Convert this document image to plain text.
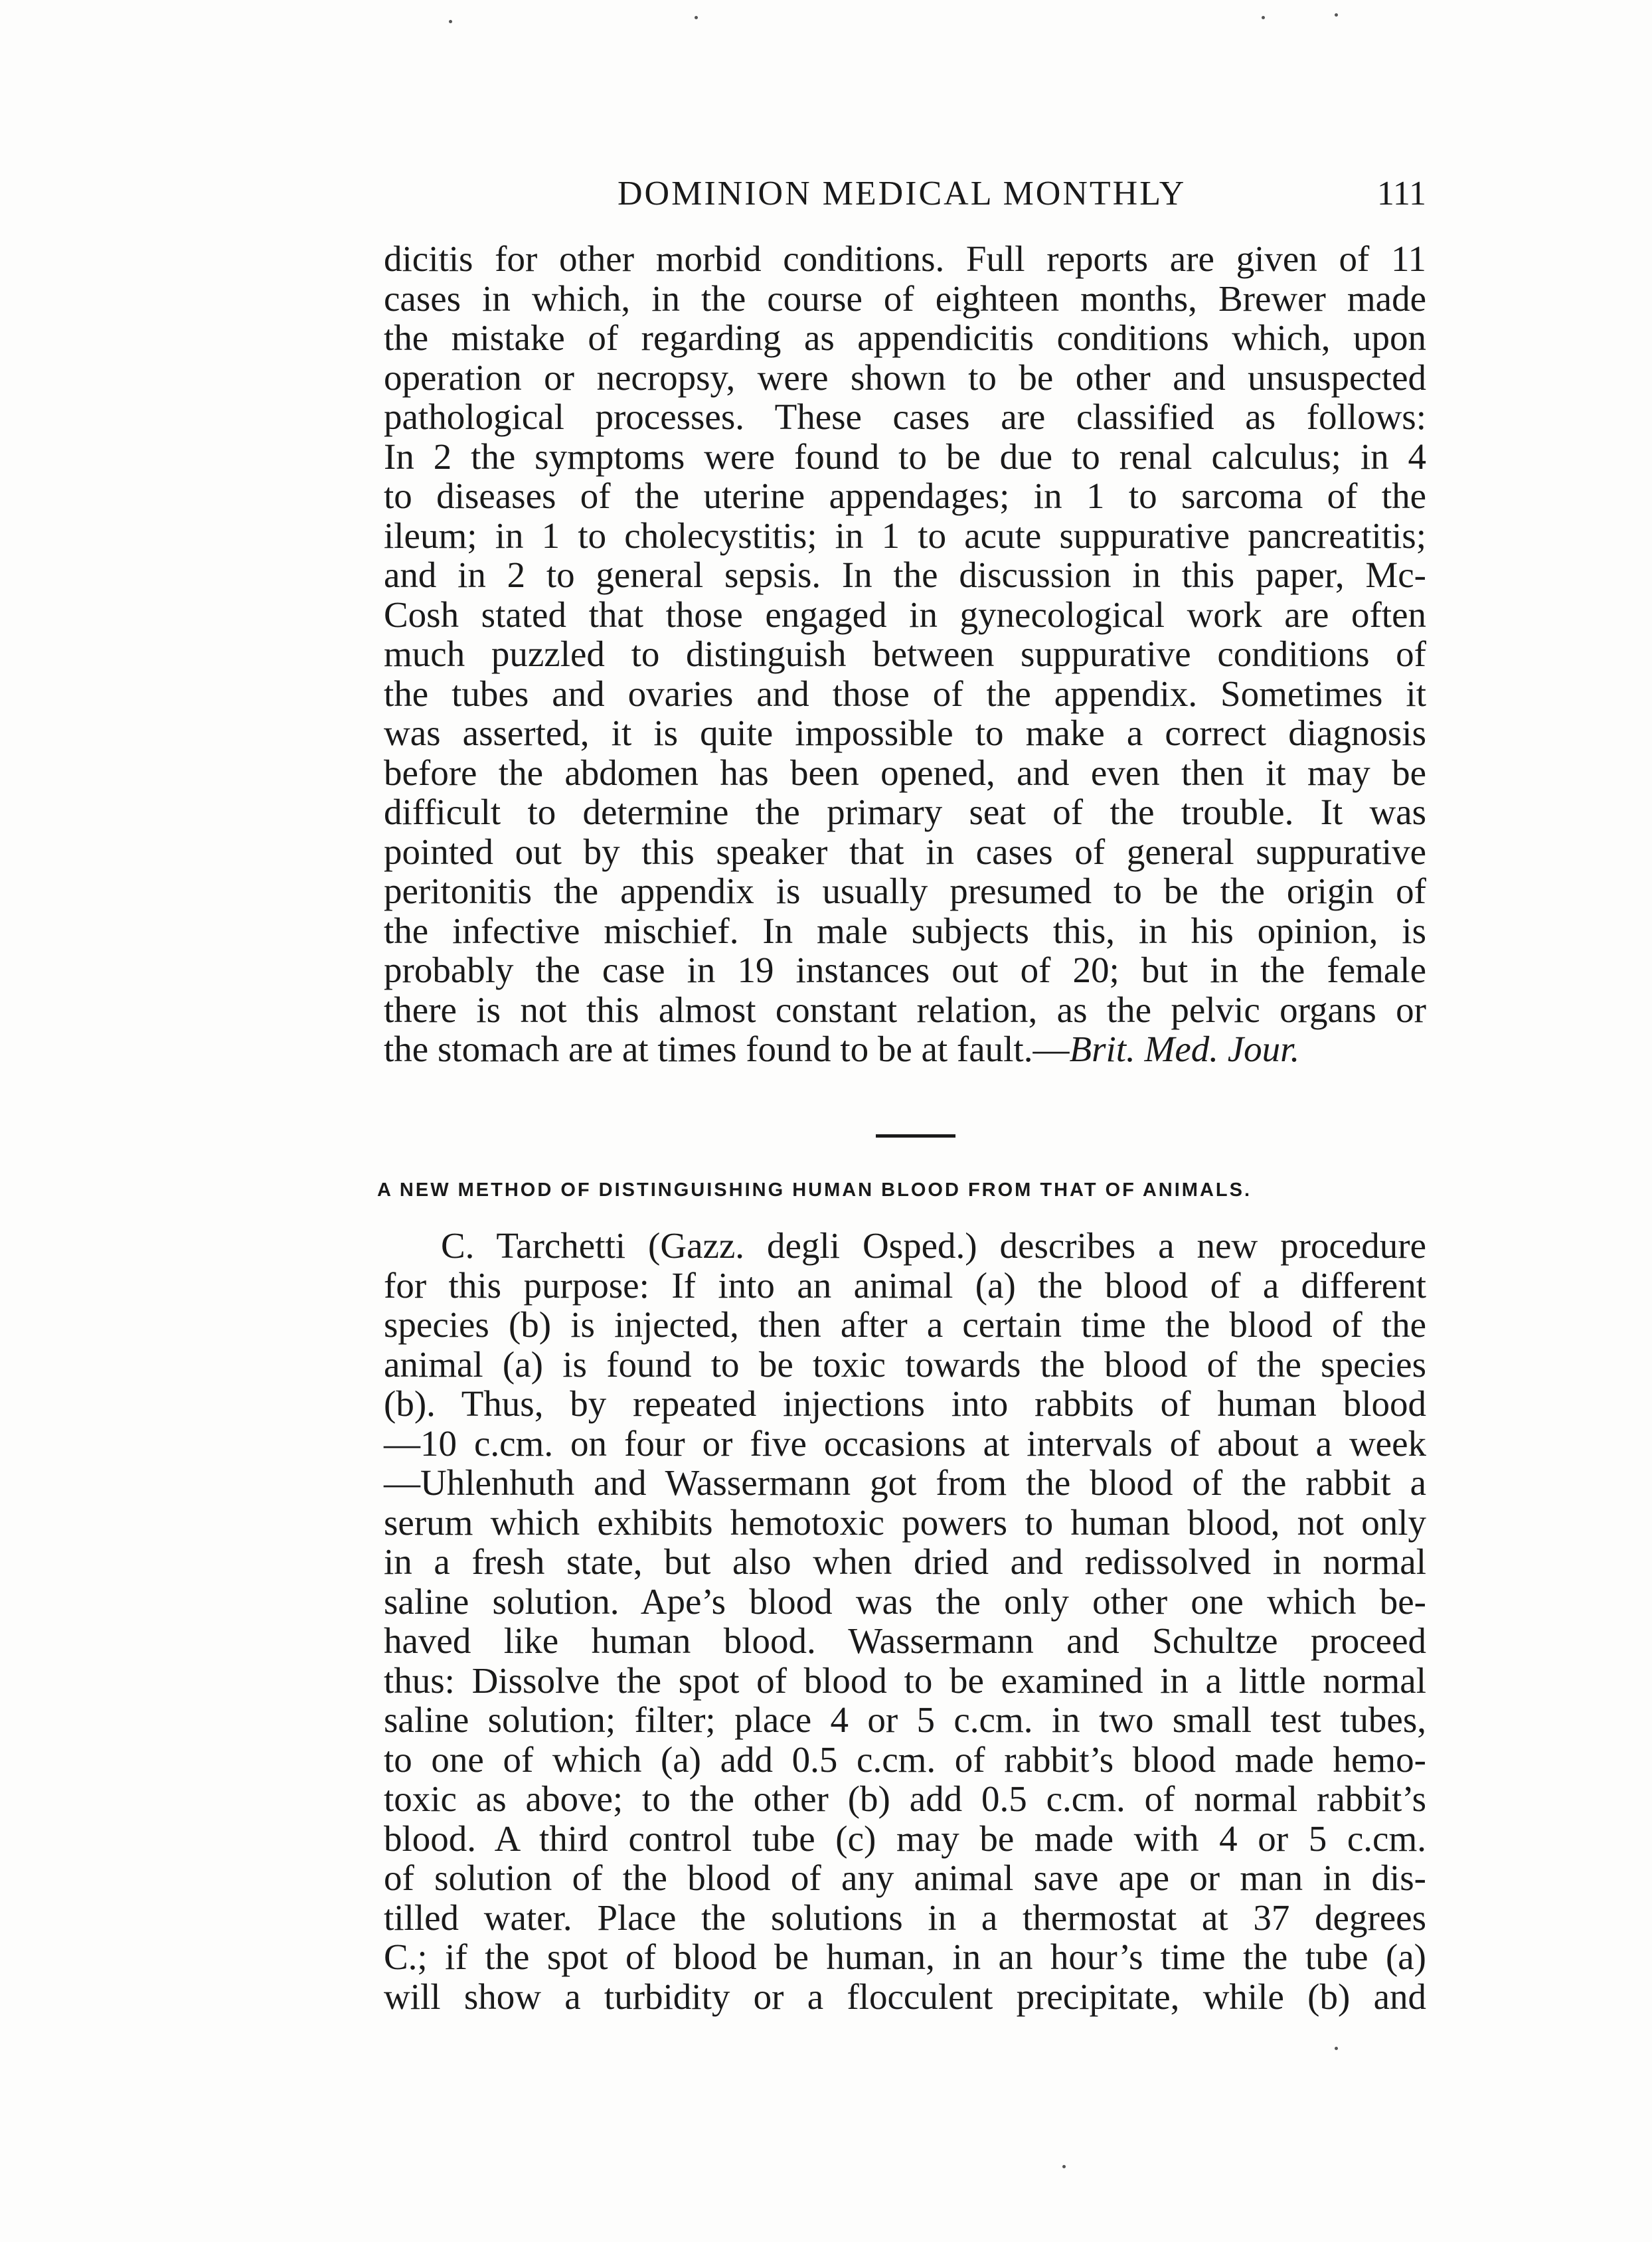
DOMINION MEDICAL MONTHLY	111
dicitis for other morbid conditions. Full reports are given of 11
cases in which, in the course of eighteen months, Brewer made
the mistake of regarding as appendicitis conditions which, upon
operation or necropsy, were shown to be other and unsuspected
pathological processes. These cases are classified as follows:
In 2 the symptoms were found to be due to renal calculus; in 4
to diseases of the uterine appendages; in 1 to sarcoma of the
ileum; in 1 to cholecystitis; in 1 to acute suppurative pancreatitis;
and in 2 to general sepsis. In the discussion in this paper, Mc-
Cosh stated that those engaged in gynecological work are often
much puzzled to distinguish between suppurative conditions of
the tubes and ovaries and those of the appendix. Sometimes it
was asserted, it is quite impossible to make a correct diagnosis
before the abdomen has been opened, and even then it may be
difficult to determine the primary seat of the trouble. It was
pointed out by this speaker that in cases of general suppurative
peritonitis the appendix is usually presumed to be the origin of
the infective mischief. In male subjects this, in his opinion, is
probably the case in 19 instances out of 20; but in the female
there is not this almost constant relation, as the pelvic organs or
the stomach are at times found to be at fault.—Brit. Med. Jour.
A NEW METHOD OF DISTINGUISHING HUMAN BLOOD FROM THAT OF ANIMALS.
C. Tarchetti (Gazz. degli Osped.) describes a new procedure
for this purpose: If into an animal (a) the blood of a different
species (b) is injected, then after a certain time the blood of the
animal (a) is found to be toxic towards the blood of the species
(b). Thus, by repeated injections into rabbits of human blood
—10 c.cm. on four or five occasions at intervals of about a week
—Uhlenhuth and Wassermann got from the blood of the rabbit a
serum which exhibits hemotoxic powers to human blood, not only
in a fresh state, but also when dried and redissolved in normal
saline solution. Ape’s blood was the only other one which be-
haved like human blood. Wassermann and Schultze proceed
thus: Dissolve the spot of blood to be examined in a little normal
saline solution; filter; place 4 or 5 c.cm. in two small test tubes,
to one of which (a) add 0.5 c.cm. of rabbit’s blood made hemo-
toxic as above; to the other (b) add 0.5 c.cm. of normal rabbit’s
blood. A third control tube (c) may be made with 4 or 5 c.cm.
of solution of the blood of any animal save ape or man in dis-
tilled water. Place the solutions in a thermostat at 37 degrees
C.; if the spot of blood be human, in an hour’s time the tube (a)
will show a turbidity or a flocculent precipitate, while (b) and
